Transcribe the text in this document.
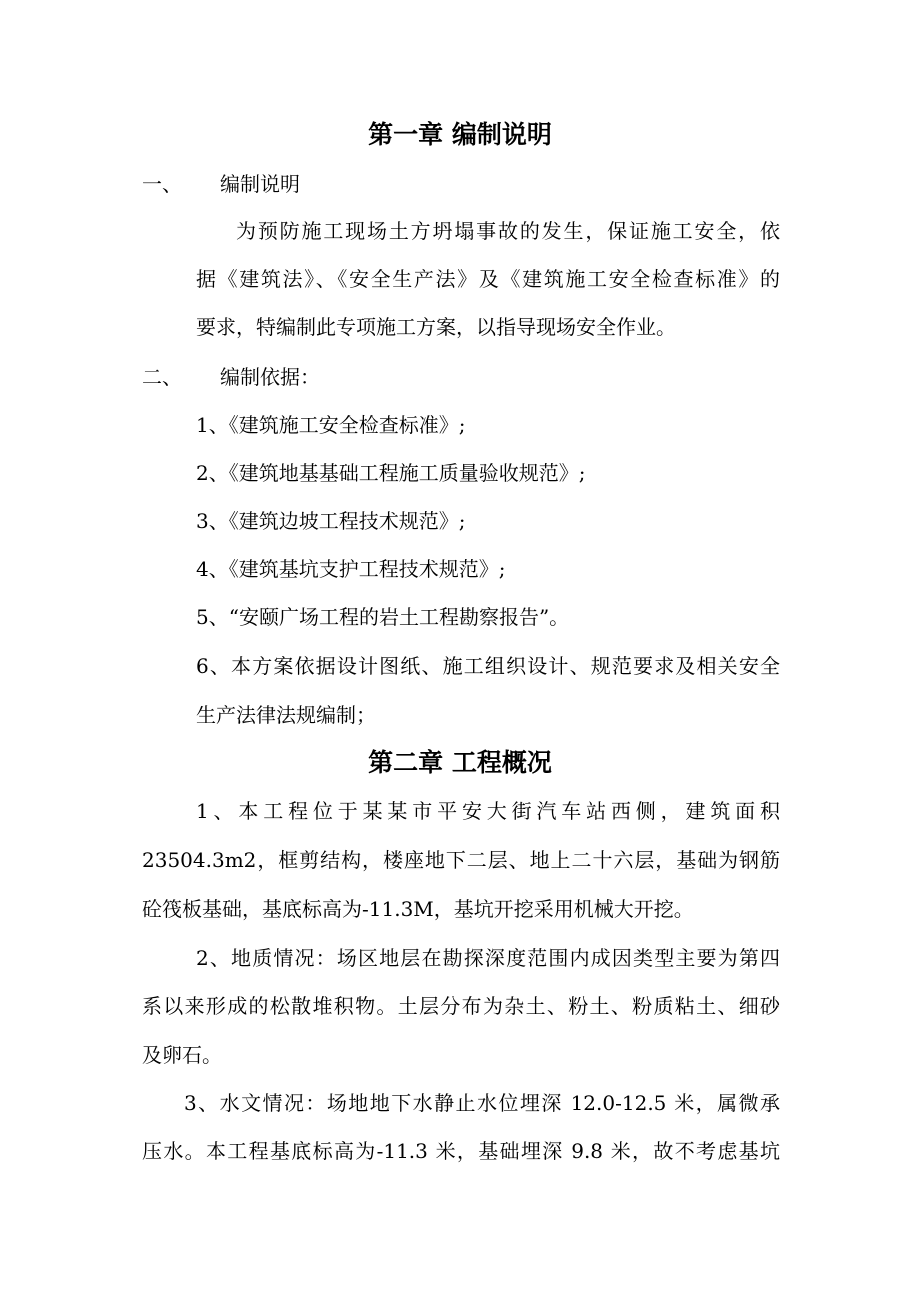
第一章 编制说明
一、 编制说明
为预防施工现场土方坍塌事故的发生，保证施工安全，依
据《建筑法》、《安全生产法》及《建筑施工安全检查标准》的
要求，特编制此专项施工方案，以指导现场安全作业。
二、 编制依据：
1、《建筑施工安全检查标准》;
2、《建筑地基基础工程施工质量验收规范》;
3、《建筑边坡工程技术规范》;
4、《建筑基坑支护工程技术规范》;
5、“安颐广场工程的岩土工程勘察报告”。
6、本方案依据设计图纸、施工组织设计、规范要求及相关安全
生产法律法规编制；
第二章 工程概况
1、本工程位于某某市平安大街汽车站西侧，建筑面积
23504.3m2，框剪结构，楼座地下二层、地上二十六层，基础为钢筋
砼筏板基础，基底标高为-11.3M，基坑开挖采用机械大开挖。
2、地质情况：场区地层在勘探深度范围内成因类型主要为第四
系以来形成的松散堆积物。土层分布为杂土、粉土、粉质粘土、细砂
及卵石。
3、水文情况：场地地下水静止水位埋深 12.0-12.5 米，属微承
压水。本工程基底标高为-11.3 米，基础埋深 9.8 米，故不考虑基坑
